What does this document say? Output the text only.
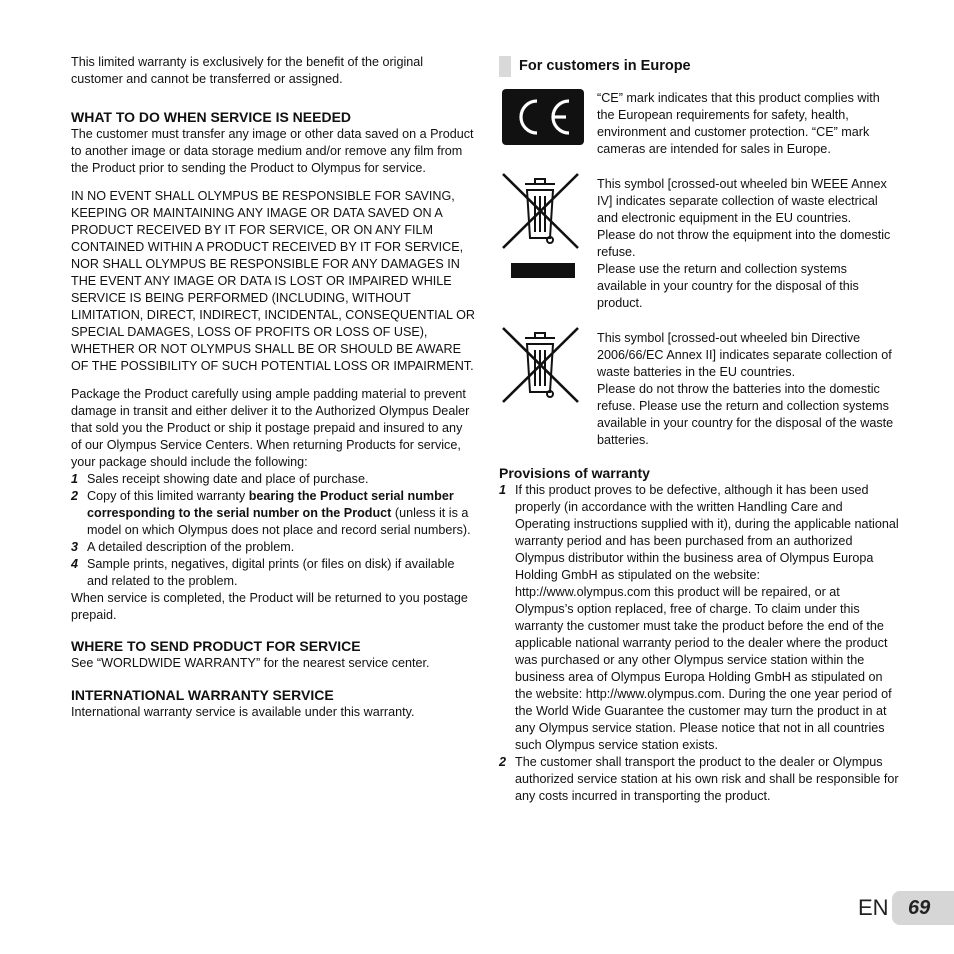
This limited warranty is exclusively for the benefit of the original customer and cannot be transferred or assigned.

WHAT TO DO WHEN SERVICE IS NEEDED

The customer must transfer any image or other data saved on a Product to another image or data storage medium and/or remove any film from the Product prior to sending the Product to Olympus for service.

IN NO EVENT SHALL OLYMPUS BE RESPONSIBLE FOR SAVING, KEEPING OR MAINTAINING ANY IMAGE OR DATA SAVED ON A PRODUCT RECEIVED BY IT FOR SERVICE, OR ON ANY FILM CONTAINED WITHIN A PRODUCT RECEIVED BY IT FOR SERVICE, NOR SHALL OLYMPUS BE RESPONSIBLE FOR ANY DAMAGES IN THE EVENT ANY IMAGE OR DATA IS LOST OR IMPAIRED WHILE SERVICE IS BEING PERFORMED (INCLUDING, WITHOUT LIMITATION, DIRECT, INDIRECT, INCIDENTAL, CONSEQUENTIAL OR SPECIAL DAMAGES, LOSS OF PROFITS OR LOSS OF USE), WHETHER OR NOT OLYMPUS SHALL BE OR SHOULD BE AWARE OF THE POSSIBILITY OF SUCH POTENTIAL LOSS OR IMPAIRMENT.

Package the Product carefully using ample padding material to prevent damage in transit and either deliver it to the Authorized Olympus Dealer that sold you the Product or ship it postage prepaid and insured to any of our Olympus Service Centers. When returning Products for service, your package should include the following:

1 Sales receipt showing date and place of purchase.
2 Copy of this limited warranty bearing the Product serial number corresponding to the serial number on the Product (unless it is a model on which Olympus does not place and record serial numbers).
3 A detailed description of the problem.
4 Sample prints, negatives, digital prints (or files on disk) if available and related to the problem.

When service is completed, the Product will be returned to you postage prepaid.

WHERE TO SEND PRODUCT FOR SERVICE

See “WORLDWIDE WARRANTY” for the nearest service center.

INTERNATIONAL WARRANTY SERVICE

International warranty service is available under this warranty.

For customers in Europe

“CE” mark indicates that this product complies with the European requirements for safety, health, environment and customer protection. “CE” mark cameras are intended for sales in Europe.

This symbol [crossed-out wheeled bin WEEE Annex IV] indicates separate collection of waste electrical and electronic equipment in the EU countries.

Please do not throw the equipment into the domestic refuse.

Please use the return and collection systems available in your country for the disposal of this product.

This symbol [crossed-out wheeled bin Directive 2006/66/EC Annex II] indicates separate collection of waste batteries in the EU countries.

Please do not throw the batteries into the domestic refuse. Please use the return and collection systems available in your country for the disposal of the waste batteries.

Provisions of warranty
1 If this product proves to be defective, although it has been used properly (in accordance with the written Handling Care and Operating instructions supplied with it), during the applicable national warranty period and has been purchased from an authorized Olympus distributor within the business area of Olympus Europa Holding GmbH as stipulated on the website: http://www.olympus.com this product will be repaired, or at Olympus’s option replaced, free of charge. To claim under this warranty the customer must take the product before the end of the applicable national warranty period to the dealer where the product was purchased or any other Olympus service station within the business area of Olympus Europa Holding GmbH as stipulated on the website: http://www.olympus.com. During the one year period of the World Wide Guarantee the customer may turn the product in at any Olympus service station. Please notice that not in all countries such Olympus service station exists.
2 The customer shall transport the product to the dealer or Olympus authorized service station at his own risk and shall be responsible for any costs incurred in transporting the product.
EN 69
